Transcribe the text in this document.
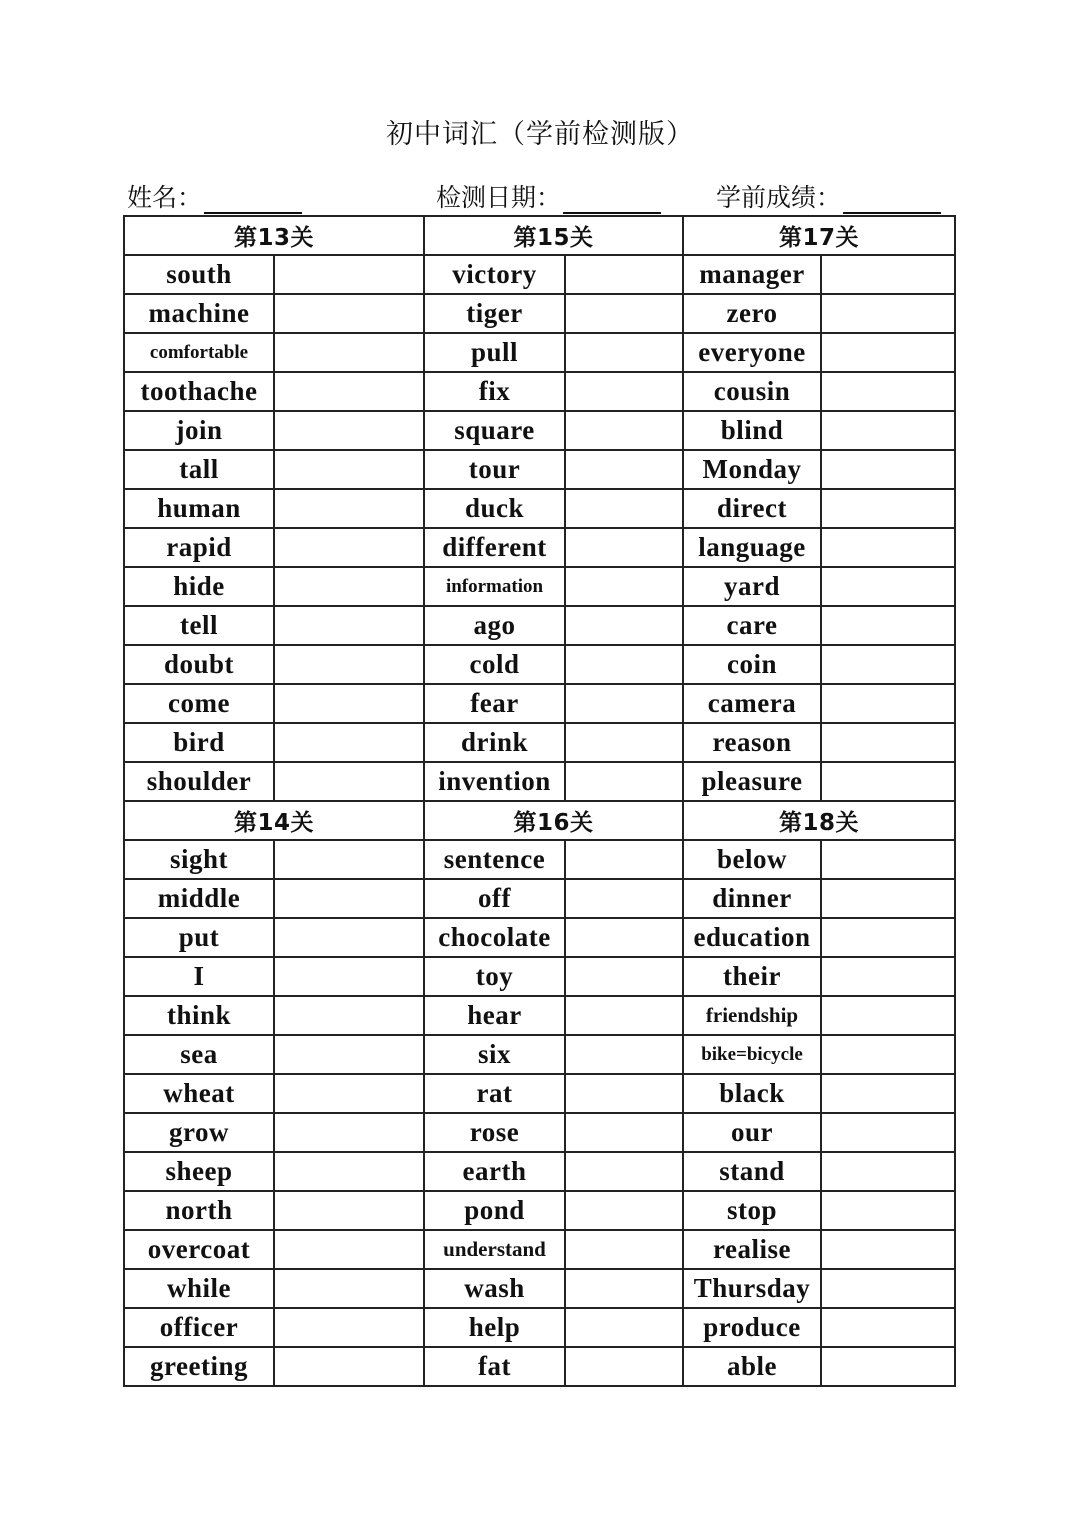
初中词汇（学前检测版）
姓名：	检测日期：	学前成绩：
第13关		第15关		第17关	
south		victory		manager	
machine		tiger		zero	
comfortable		pull		everyone	
toothache		fix		cousin	
join		square		blind	
tall		tour		Monday	
human		duck		direct	
rapid		different		language	
hide		information		yard	
tell		ago		care	
doubt		cold		coin	
come		fear		camera	
bird		drink		reason	
shoulder		invention		pleasure	
第14关		第16关		第18关	
sight		sentence		below	
middle		off		dinner	
put		chocolate		education	
I		toy		their	
think		hear		friendship	
sea		six		bike=bicycle	
wheat		rat		black	
grow		rose		our	
sheep		earth		stand	
north		pond		stop	
overcoat		understand		realise	
while		wash		Thursday	
officer		help		produce	
greeting		fat		able	
